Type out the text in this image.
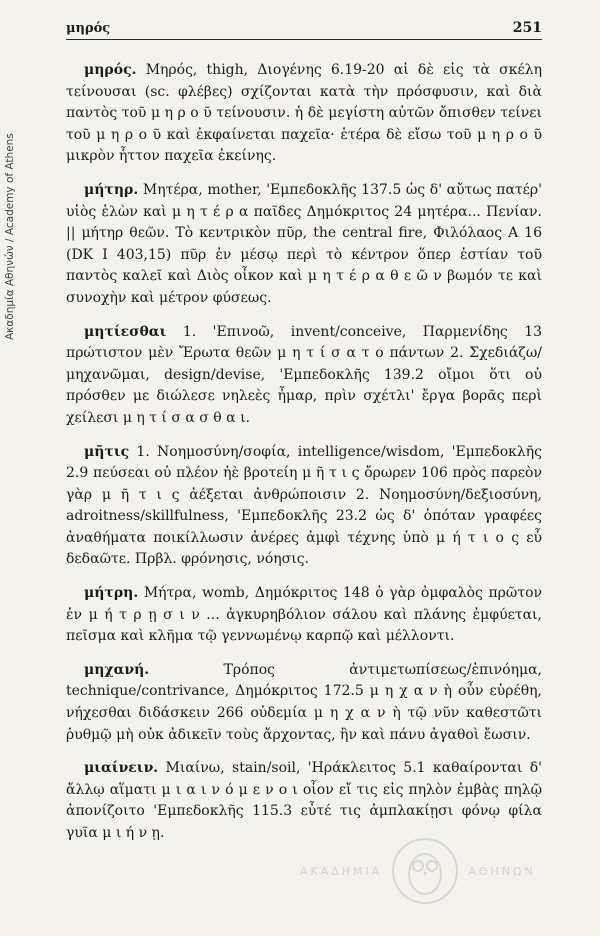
Ακαδημία Αθηνών / Academy of Athens
μηρός	251

μηρός. Μηρός, thigh, Διογένης 6.19-20 αἱ δὲ εἰς τὰ σκέλη τείνουσαι (sc. φλέβες) σχίζονται κατὰ τὴν πρόσφυσιν, καὶ διὰ παντὸς τοῦ μ η ρ ο ῦ τείνουσιν. ἡ δὲ μεγίστη αὐτῶν ὄπισθεν τείνει τοῦ μ η ρ ο ῦ καὶ ἐκφαίνεται παχεῖα· ἑτέρα δὲ εἴσω τοῦ μ η ρ ο ῦ μικρὸν ἧττον παχεῖα ἐκείνης.

μήτηρ. Μητέρα, mother, 'Εμπεδοκλῆς 137.5 ὡς δ' αὔτως πατέρ' υἱὸς ἑλὼν καὶ μ η τ έ ρ α παῖδες Δημόκριτος 24 μητέρα... Πενίαν. || μήτηρ θεῶν. Τὸ κεντρικὸν πῦρ, the central fire, Φιλόλαος Α 16 (DK I 403,15) πῦρ ἐν μέσῳ περὶ τὸ κέντρον ὅπερ ἑστίαν τοῦ παντὸς καλεῖ καὶ Διὸς οἶκον καὶ μ η τ έ ρ α θ ε ῶ ν βωμόν τε καὶ συνοχὴν καὶ μέτρον φύσεως.

μητίεσθαι 1. 'Επινοῶ, invent/conceive, Παρμενίδης 13 πρώτιστον μὲν Ἔρωτα θεῶν μ η τ ί σ α τ ο πάντων 2. Σχεδιάζω/μηχανῶμαι, design/devise, 'Εμπεδοκλῆς 139.2 οἴμοι ὅτι οὐ πρόσθεν με διώλεσε νηλεὲς ἦμαρ, πρὶν σχέτλι' ἔργα βορᾶς περὶ χείλεσι μ η τ ί σ α σ θ α ι.

μῆτις 1. Νοημοσύνη/σοφία, intelligence/wisdom, 'Εμπεδοκλῆς 2.9 πεύσεαι οὐ πλέον ἠὲ βροτείη μ ῆ τ ι ς ὄρωρεν 106 πρὸς παρεὸν γὰρ μ ῆ τ ι ς ἀέξεται ἀνθρώποισιν 2. Νοημοσύνη/δεξιοσύνη, adroitness/skillfulness, 'Εμπεδοκλῆς 23.2 ὡς δ' ὁπόταν γραφέες ἀναθήματα ποικίλλωσιν ἀνέρες ἀμφὶ τέχνης ὑπὸ μ ή τ ι ο ς εὖ δεδαῶτε. Πρβλ. φρόνησις, νόησις.

μήτρη. Μήτρα, womb, Δημόκριτος 148 ὁ γὰρ ὀμφαλὸς πρῶτον ἐν μ ή τ ρ ῃ σ ι ν ... ἀγκυρηβόλιον σάλου καὶ πλάνης ἐμφύεται, πεῖσμα καὶ κλῆμα τῷ γεννωμένῳ καρπῷ καὶ μέλλοντι.

μηχανή.	Τρόπος ἀντιμετωπίσεως/ἐπινόημα, technique/contrivance, Δημόκριτος 172.5 μ η χ α ν ὴ οὖν εὑρέθη, νήχεσθαι διδάσκειν 266 οὐδεμία μ η χ α ν ὴ τῷ νῦν καθεστῶτι ῥυθμῷ μὴ οὐκ ἀδικεῖν τοὺς ἄρχοντας, ἢν καὶ πάνυ ἀγαθοὶ ἔωσιν.

μιαίνειν. Μιαίνω, stain/soil, 'Ηράκλειτος 5.1 καθαίρονται δ' ἄλλῳ αἵματι μ ι α ι ν ό μ ε ν ο ι οἷον εἴ τις εἰς πηλὸν ἐμβὰς πηλῷ ἀπονίζοιτο 'Εμπεδοκλῆς 115.3 εὖτέ τις ἀμπλακίῃσι φόνῳ φίλα γυῖα μ ι ή ν ῃ.

ΑΚΑΔΗΜΙΑ	ΑΘΗΝΩΝ
